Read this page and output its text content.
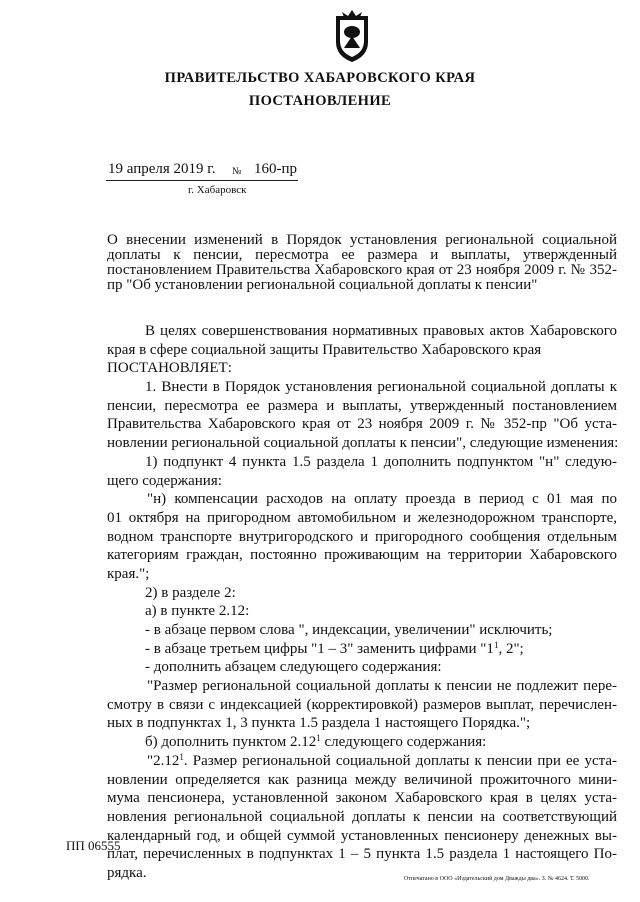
ПРАВИТЕЛЬСТВО ХАБАРОВСКОГО КРАЯ
ПОСТАНОВЛЕНИЕ
19 апреля 2019 г. № 160-пр
г. Хабаровск
О внесении изменений в Порядок установления региональной социальной доплаты к пенсии, пересмотра ее размера и выплаты, утвержденный постановлением Правительства Хабаровского края от 23 ноября 2009 г. № 352-пр "Об установлении региональной социальной доплаты к пенсии"
В целях совершенствования нормативных правовых актов Хабаровского
края в сфере социальной защиты Правительство Хабаровского края
ПОСТАНОВЛЯЕТ:
1. Внести в Порядок установления региональной социальной доплаты к
пенсии, пересмотра ее размера и выплаты, утвержденный постановлением
Правительства Хабаровского края от 23 ноября 2009 г. № 352-пр "Об уста-
новлении региональной социальной доплаты к пенсии", следующие изменения:
1) подпункт 4 пункта 1.5 раздела 1 дополнить подпунктом "н" следую-
щего содержания:
"н) компенсации расходов на оплату проезда в период с 01 мая по
01 октября на пригородном автомобильном и железнодорожном транспорте,
водном транспорте внутригородского и пригородного сообщения отдельным
категориям граждан, постоянно проживающим на территории Хабаровского
края.";
2) в разделе 2:
а) в пункте 2.12:
- в абзаце первом слова ", индексации, увеличении" исключить;
- в абзаце третьем цифры "1 – 3" заменить цифрами "$1^1$, 2";
- дополнить абзацем следующего содержания:
"Размер региональной социальной доплаты к пенсии не подлежит пере-
смотру в связи с индексацией (корректировкой) размеров выплат, перечислен-
ных в подпунктах 1, 3 пункта 1.5 раздела 1 настоящего Порядка.";
б) дополнить пунктом 2.12$^1$ следующего содержания:
"2.12$^1$. Размер региональной социальной доплаты к пенсии при ее уста-
новлении определяется как разница между величиной прожиточного мини-
мума пенсионера, установленной законом Хабаровского края в целях уста-
новления региональной социальной доплаты к пенсии на соответствующий
календарный год, и общей суммой установленных пенсионеру денежных вы-
плат, перечисленных в подпунктах 1 – 5 пункта 1.5 раздела 1 настоящего По-
рядка.
ПП 06555
Отпечатано в ООО «Издательский дом Дважды два». З. № 4624. Т. 5000.
